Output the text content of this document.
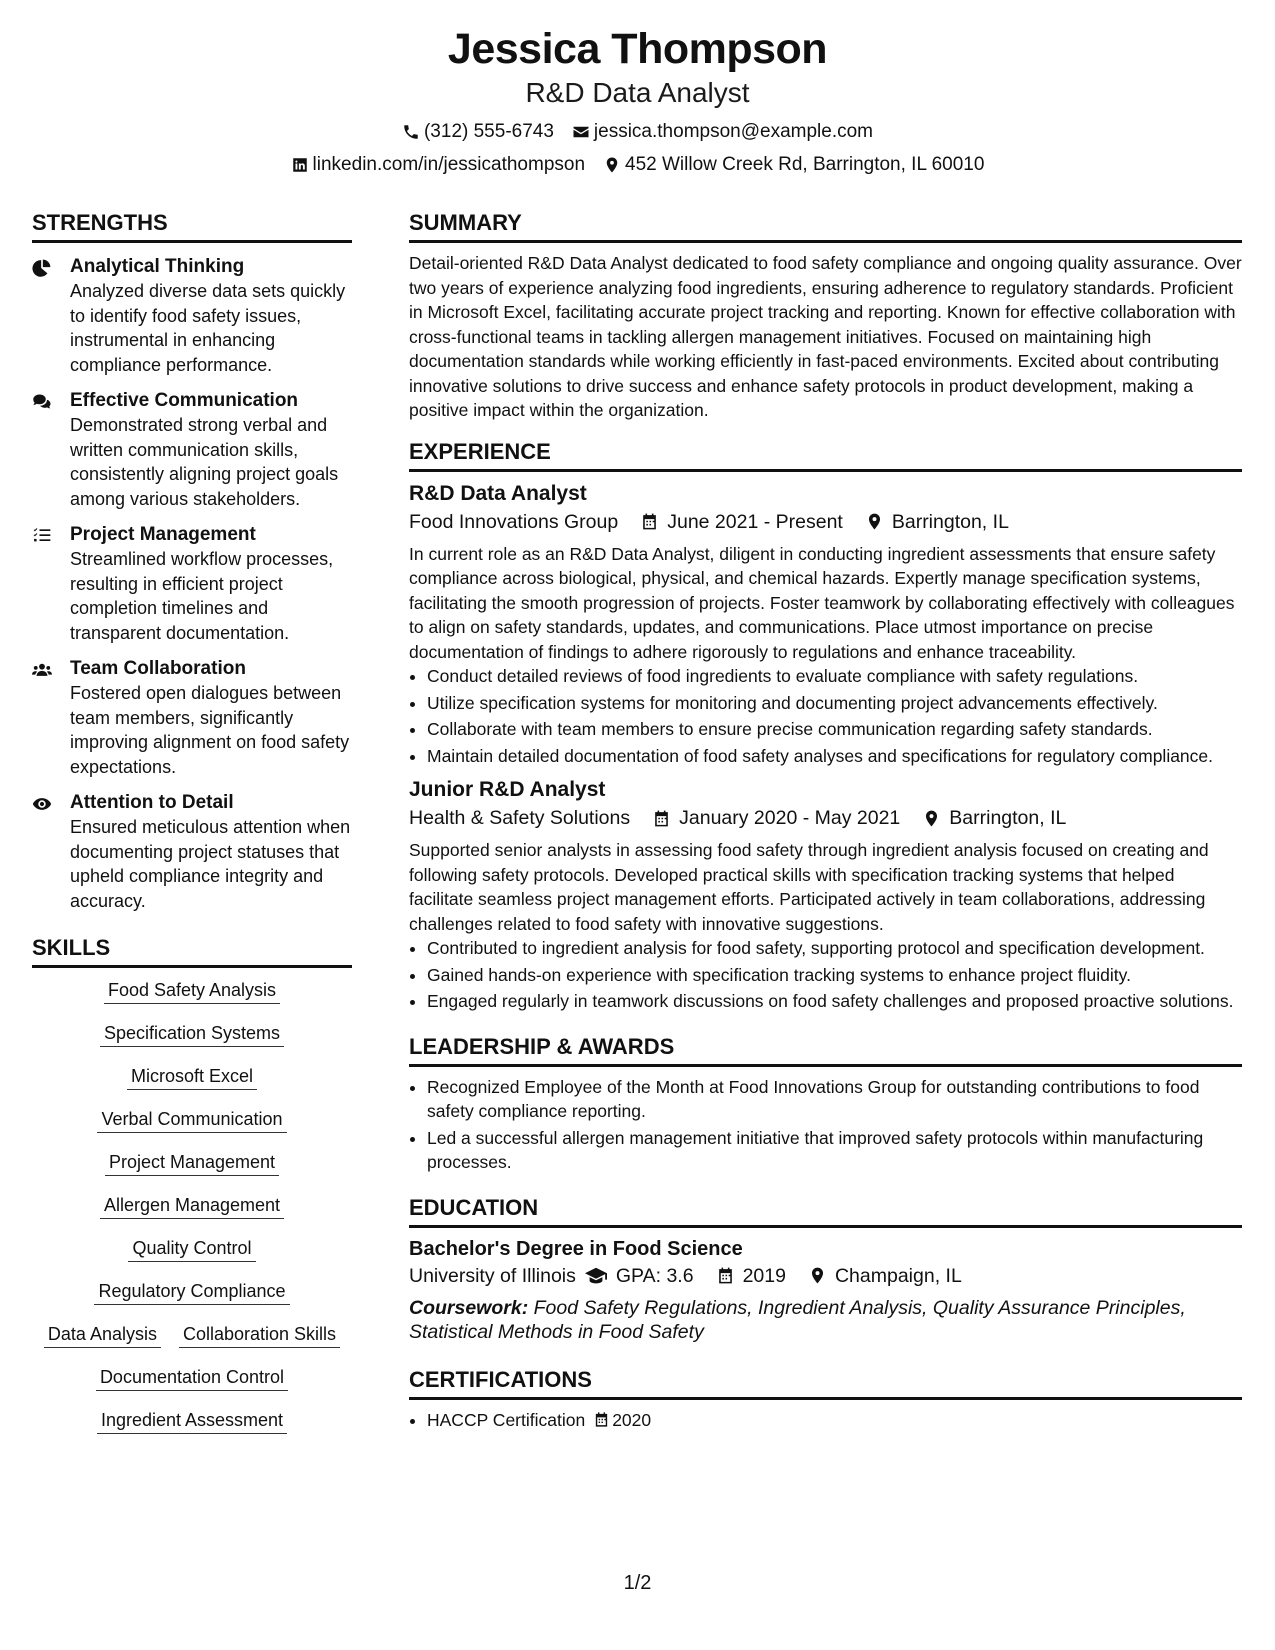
Jessica Thompson
R&D Data Analyst
(312) 555-6743 jessica.thompson@example.com
linkedin.com/in/jessicathompson 452 Willow Creek Rd, Barrington, IL 60010
STRENGTHS
Analytical Thinking
Analyzed diverse data sets quickly to identify food safety issues, instrumental in enhancing compliance performance.
Effective Communication
Demonstrated strong verbal and written communication skills, consistently aligning project goals among various stakeholders.
Project Management
Streamlined workflow processes, resulting in efficient project completion timelines and transparent documentation.
Team Collaboration
Fostered open dialogues between team members, significantly improving alignment on food safety expectations.
Attention to Detail
Ensured meticulous attention when documenting project statuses that upheld compliance integrity and accuracy.
SKILLS
Food Safety Analysis
Specification Systems
Microsoft Excel
Verbal Communication
Project Management
Allergen Management
Quality Control
Regulatory Compliance
Data Analysis Collaboration Skills
Documentation Control
Ingredient Assessment
SUMMARY
Detail-oriented R&D Data Analyst dedicated to food safety compliance and ongoing quality assurance. Over two years of experience analyzing food ingredients, ensuring adherence to regulatory standards. Proficient in Microsoft Excel, facilitating accurate project tracking and reporting. Known for effective collaboration with cross-functional teams in tackling allergen management initiatives. Focused on maintaining high documentation standards while working efficiently in fast-paced environments. Excited about contributing innovative solutions to drive success and enhance safety protocols in product development, making a positive impact within the organization.
EXPERIENCE
R&D Data Analyst
Food Innovations Group	June 2021 - Present	Barrington, IL
In current role as an R&D Data Analyst, diligent in conducting ingredient assessments that ensure safety compliance across biological, physical, and chemical hazards. Expertly manage specification systems, facilitating the smooth progression of projects. Foster teamwork by collaborating effectively with colleagues to align on safety standards, updates, and communications. Place utmost importance on precise documentation of findings to adhere rigorously to regulations and enhance traceability.
• Conduct detailed reviews of food ingredients to evaluate compliance with safety regulations.
• Utilize specification systems for monitoring and documenting project advancements effectively.
• Collaborate with team members to ensure precise communication regarding safety standards.
• Maintain detailed documentation of food safety analyses and specifications for regulatory compliance.
Junior R&D Analyst
Health & Safety Solutions	January 2020 - May 2021	Barrington, IL
Supported senior analysts in assessing food safety through ingredient analysis focused on creating and following safety protocols. Developed practical skills with specification tracking systems that helped facilitate seamless project management efforts. Participated actively in team collaborations, addressing challenges related to food safety with innovative suggestions.
• Contributed to ingredient analysis for food safety, supporting protocol and specification development.
• Gained hands-on experience with specification tracking systems to enhance project fluidity.
• Engaged regularly in teamwork discussions on food safety challenges and proposed proactive solutions.
LEADERSHIP & AWARDS
• Recognized Employee of the Month at Food Innovations Group for outstanding contributions to food safety compliance reporting.
• Led a successful allergen management initiative that improved safety protocols within manufacturing processes.
EDUCATION
Bachelor's Degree in Food Science
University of Illinois GPA: 3.6	2019	Champaign, IL
Coursework: Food Safety Regulations, Ingredient Analysis, Quality Assurance Principles, Statistical Methods in Food Safety
CERTIFICATIONS
• HACCP Certification 2020
1/2
